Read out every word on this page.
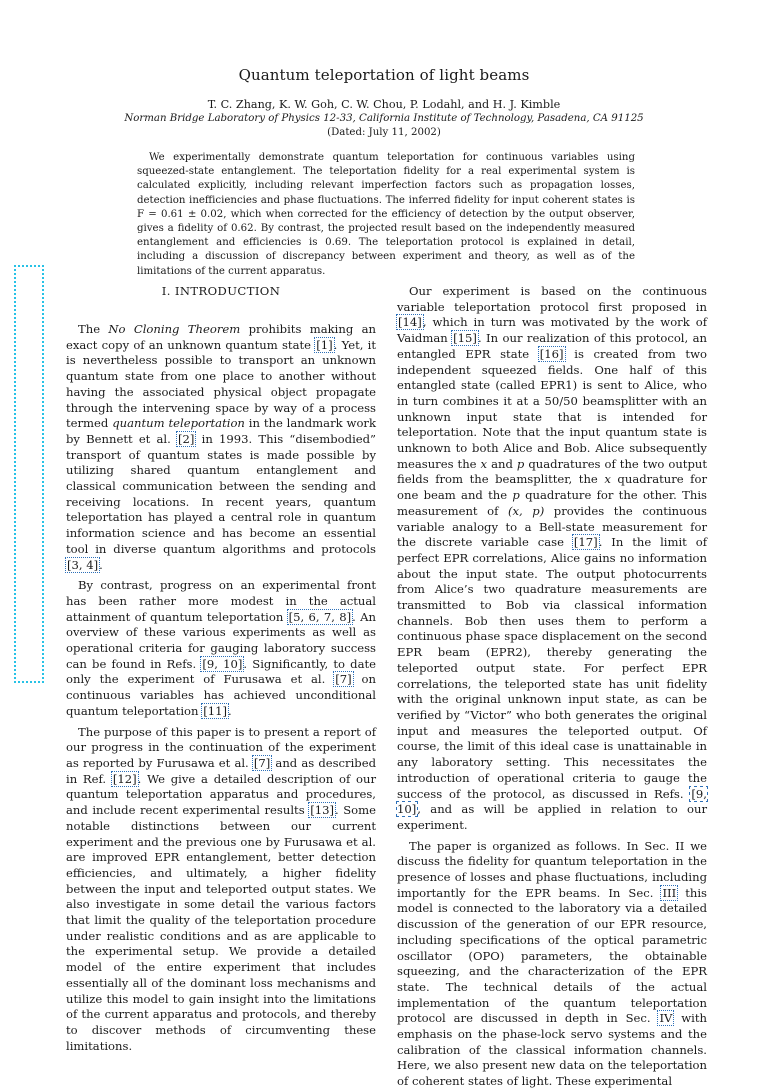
Quantum teleportation of light beams
T. C. Zhang, K. W. Goh, C. W. Chou, P. Lodahl, and H. J. Kimble
Norman Bridge Laboratory of Physics 12-33, California Institute of Technology, Pasadena, CA 91125
(Dated: July 11, 2002)

We experimentally demonstrate quantum teleportation for continuous variables using squeezed-state entanglement. The teleportation fidelity for a real experimental system is calculated explicitly, including relevant imperfection factors such as propagation losses, detection inefficiencies and phase fluctuations. The inferred fidelity for input coherent states is F = 0.61 ± 0.02, which when corrected for the efficiency of detection by the output observer, gives a fidelity of 0.62. By contrast, the projected result based on the independently measured entanglement and efficiencies is 0.69. The teleportation protocol is explained in detail, including a discussion of discrepancy between experiment and theory, as well as of the limitations of the current apparatus.

I. INTRODUCTION

The No Cloning Theorem prohibits making an exact copy of an unknown quantum state [1]. Yet, it is nevertheless possible to transport an unknown quantum state from one place to another without having the associated physical object propagate through the intervening space by way of a process termed quantum teleportation in the landmark work by Bennett et al. [2] in 1993. This “disembodied” transport of quantum states is made possible by utilizing shared quantum entanglement and classical communication between the sending and receiving locations. In recent years, quantum teleportation has played a central role in quantum information science and has become an essential tool in diverse quantum algorithms and protocols [3, 4].

By contrast, progress on an experimental front has been rather more modest in the actual attainment of quantum teleportation [5, 6, 7, 8]. An overview of these various experiments as well as operational criteria for gauging laboratory success can be found in Refs. [9, 10]. Significantly, to date only the experiment of Furusawa et al. [7] on continuous variables has achieved unconditional quantum teleportation [11].

The purpose of this paper is to present a report of our progress in the continuation of the experiment as reported by Furusawa et al. [7] and as described in Ref. [12]. We give a detailed description of our quantum teleportation apparatus and procedures, and include recent experimental results [13]. Some notable distinctions between our current experiment and the previous one by Furusawa et al. are improved EPR entanglement, better detection efficiencies, and ultimately, a higher fidelity between the input and teleported output states. We also investigate in some detail the various factors that limit the quality of the teleportation procedure under realistic conditions and as are applicable to the experimental setup. We provide a detailed model of the entire experiment that includes essentially all of the dominant loss mechanisms and utilize this model to gain insight into the limitations of the current apparatus and protocols, and thereby to discover methods of circumventing these limitations.

Our experiment is based on the continuous variable teleportation protocol first proposed in [14], which in turn was motivated by the work of Vaidman [15]. In our realization of this protocol, an entangled EPR state [16] is created from two independent squeezed fields. One half of this entangled state (called EPR1) is sent to Alice, who in turn combines it at a 50/50 beamsplitter with an unknown input state that is intended for teleportation. Note that the input quantum state is unknown to both Alice and Bob. Alice subsequently measures the x and p quadratures of the two output fields from the beamsplitter, the x quadrature for one beam and the p quadrature for the other. This measurement of (x, p) provides the continuous variable analogy to a Bell-state measurement for the discrete variable case [17]. In the limit of perfect EPR correlations, Alice gains no information about the input state. The output photocurrents from Alice’s two quadrature measurements are transmitted to Bob via classical information channels. Bob then uses them to perform a continuous phase space displacement on the second EPR beam (EPR2), thereby generating the teleported output state. For perfect EPR correlations, the teleported state has unit fidelity with the original unknown input state, as can be verified by “Victor” who both generates the original input and measures the teleported output. Of course, the limit of this ideal case is unattainable in any laboratory setting. This necessitates the introduction of operational criteria to gauge the success of the protocol, as discussed in Refs. [9, 10], and as will be applied in relation to our experiment.

The paper is organized as follows. In Sec. II we discuss the fidelity for quantum teleportation in the presence of losses and phase fluctuations, including importantly for the EPR beams. In Sec. III this model is connected to the laboratory via a detailed discussion of the generation of our EPR resource, including specifications of the optical parametric oscillator (OPO) parameters, the obtainable squeezing, and the characterization of the EPR state. The technical details of the actual implementation of the quantum teleportation protocol are discussed in depth in Sec. IV with emphasis on the phase-lock servo systems and the calibration of the classical information channels. Here, we also present new data on the teleportation of coherent states of light. These experimental
